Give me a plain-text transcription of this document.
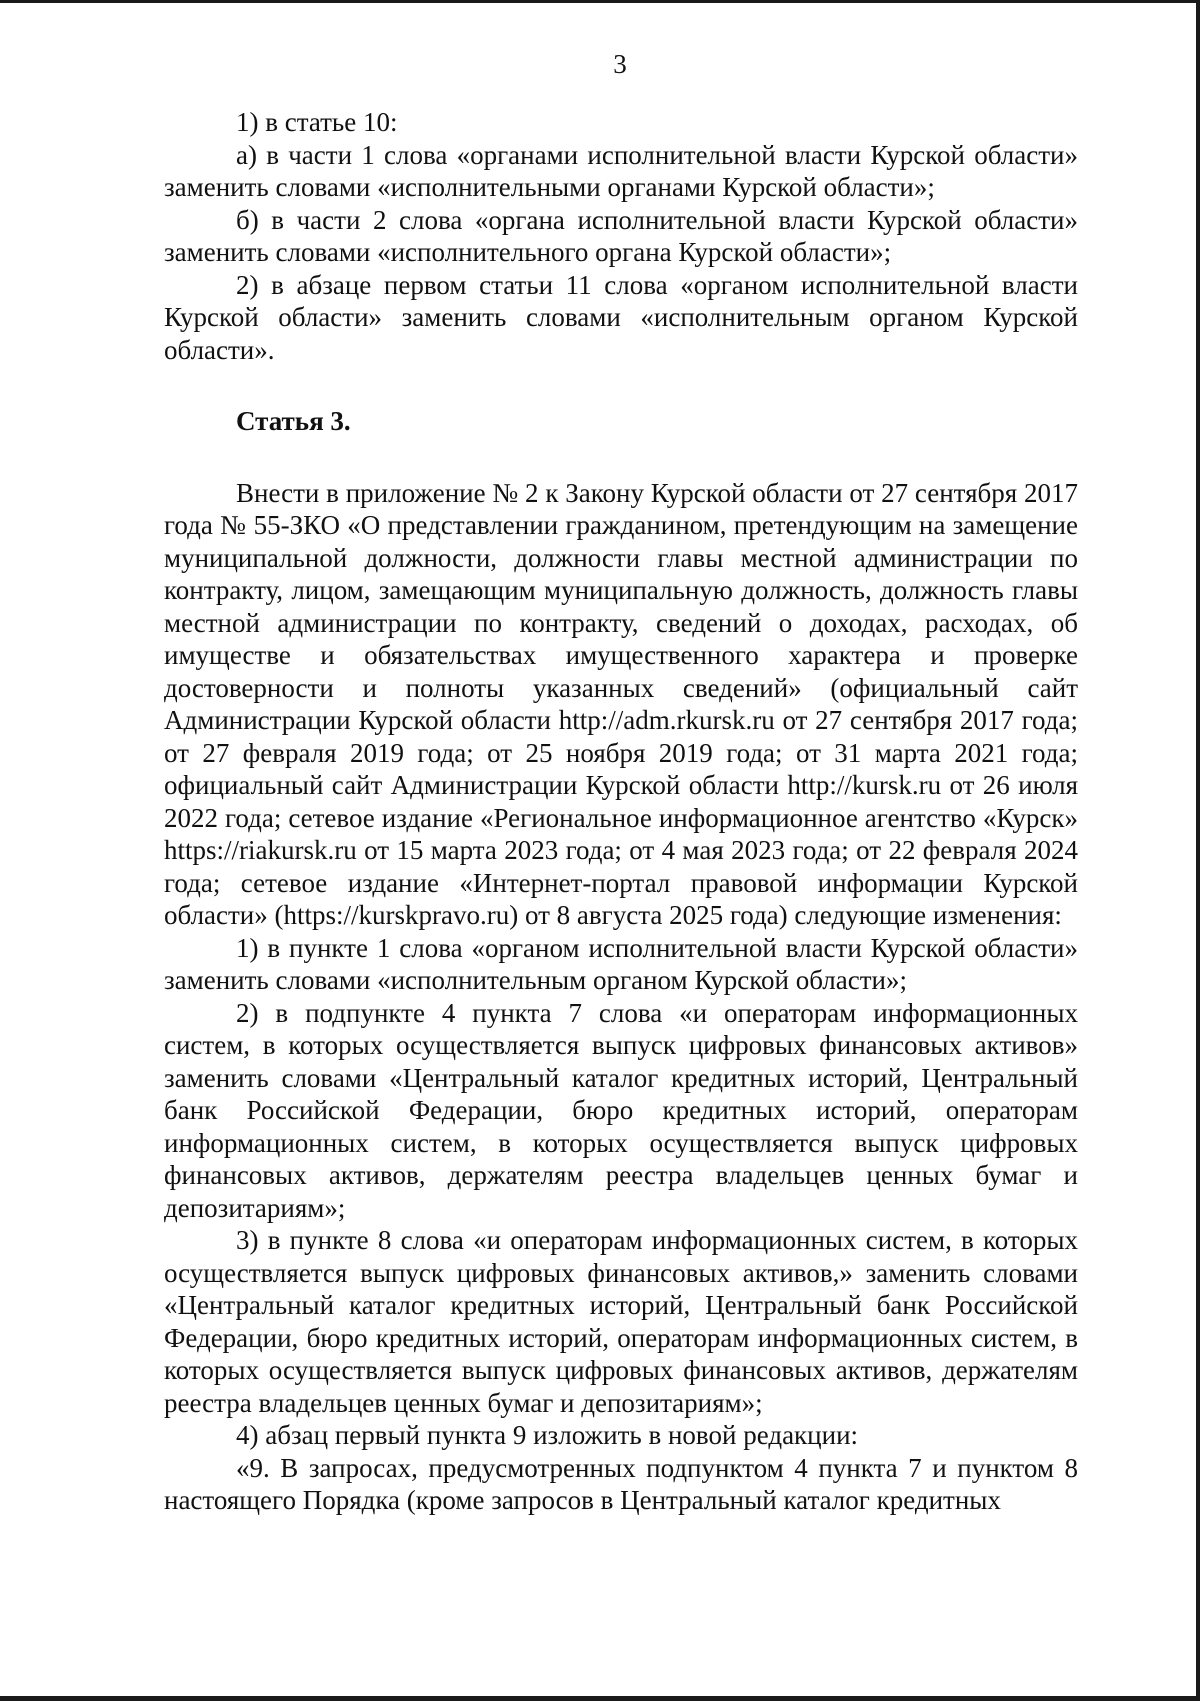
3

1) в статье 10:

а) в части 1 слова «органами исполнительной власти Курской области» заменить словами «исполнительными органами Курской области»;

б) в части 2 слова «органа исполнительной власти Курской области» заменить словами «исполнительного органа Курской области»;

2) в абзаце первом статьи 11 слова «органом исполнительной власти Курской области» заменить словами «исполнительным органом Курской области».

Статья 3.

Внести в приложение № 2 к Закону Курской области от 27 сентября 2017 года № 55-ЗКО «О представлении гражданином, претендующим на замещение муниципальной должности, должности главы местной администрации по контракту, лицом, замещающим муниципальную должность, должность главы местной администрации по контракту, сведений о доходах, расходах, об имуществе и обязательствах имущественного характера и проверке достоверности и полноты указанных сведений» (официальный сайт Администрации Курской области http://adm.rkursk.ru от 27 сентября 2017 года; от 27 февраля 2019 года; от 25 ноября 2019 года; от 31 марта 2021 года; официальный сайт Администрации Курской области http://kursk.ru от 26 июля 2022 года; сетевое издание «Региональное информационное агентство «Курск» https://riakursk.ru от 15 марта 2023 года; от 4 мая 2023 года; от 22 февраля 2024 года; сетевое издание «Интернет-портал правовой информации Курской области» (https://kurskpravo.ru) от 8 августа 2025 года) следующие изменения:

1) в пункте 1 слова «органом исполнительной власти Курской области» заменить словами «исполнительным органом Курской области»;

2) в подпункте 4 пункта 7 слова «и операторам информационных систем, в которых осуществляется выпуск цифровых финансовых активов» заменить словами «Центральный каталог кредитных историй, Центральный банк Российской Федерации, бюро кредитных историй, операторам информационных систем, в которых осуществляется выпуск цифровых финансовых активов, держателям реестра владельцев ценных бумаг и депозитариям»;

3) в пункте 8 слова «и операторам информационных систем, в которых осуществляется выпуск цифровых финансовых активов,» заменить словами «Центральный каталог кредитных историй, Центральный банк Российской Федерации, бюро кредитных историй, операторам информационных систем, в которых осуществляется выпуск цифровых финансовых активов, держателям реестра владельцев ценных бумаг и депозитариям»;

4) абзац первый пункта 9 изложить в новой редакции:

«9. В запросах, предусмотренных подпунктом 4 пункта 7 и пунктом 8 настоящего Порядка (кроме запросов в Центральный каталог кредитных
